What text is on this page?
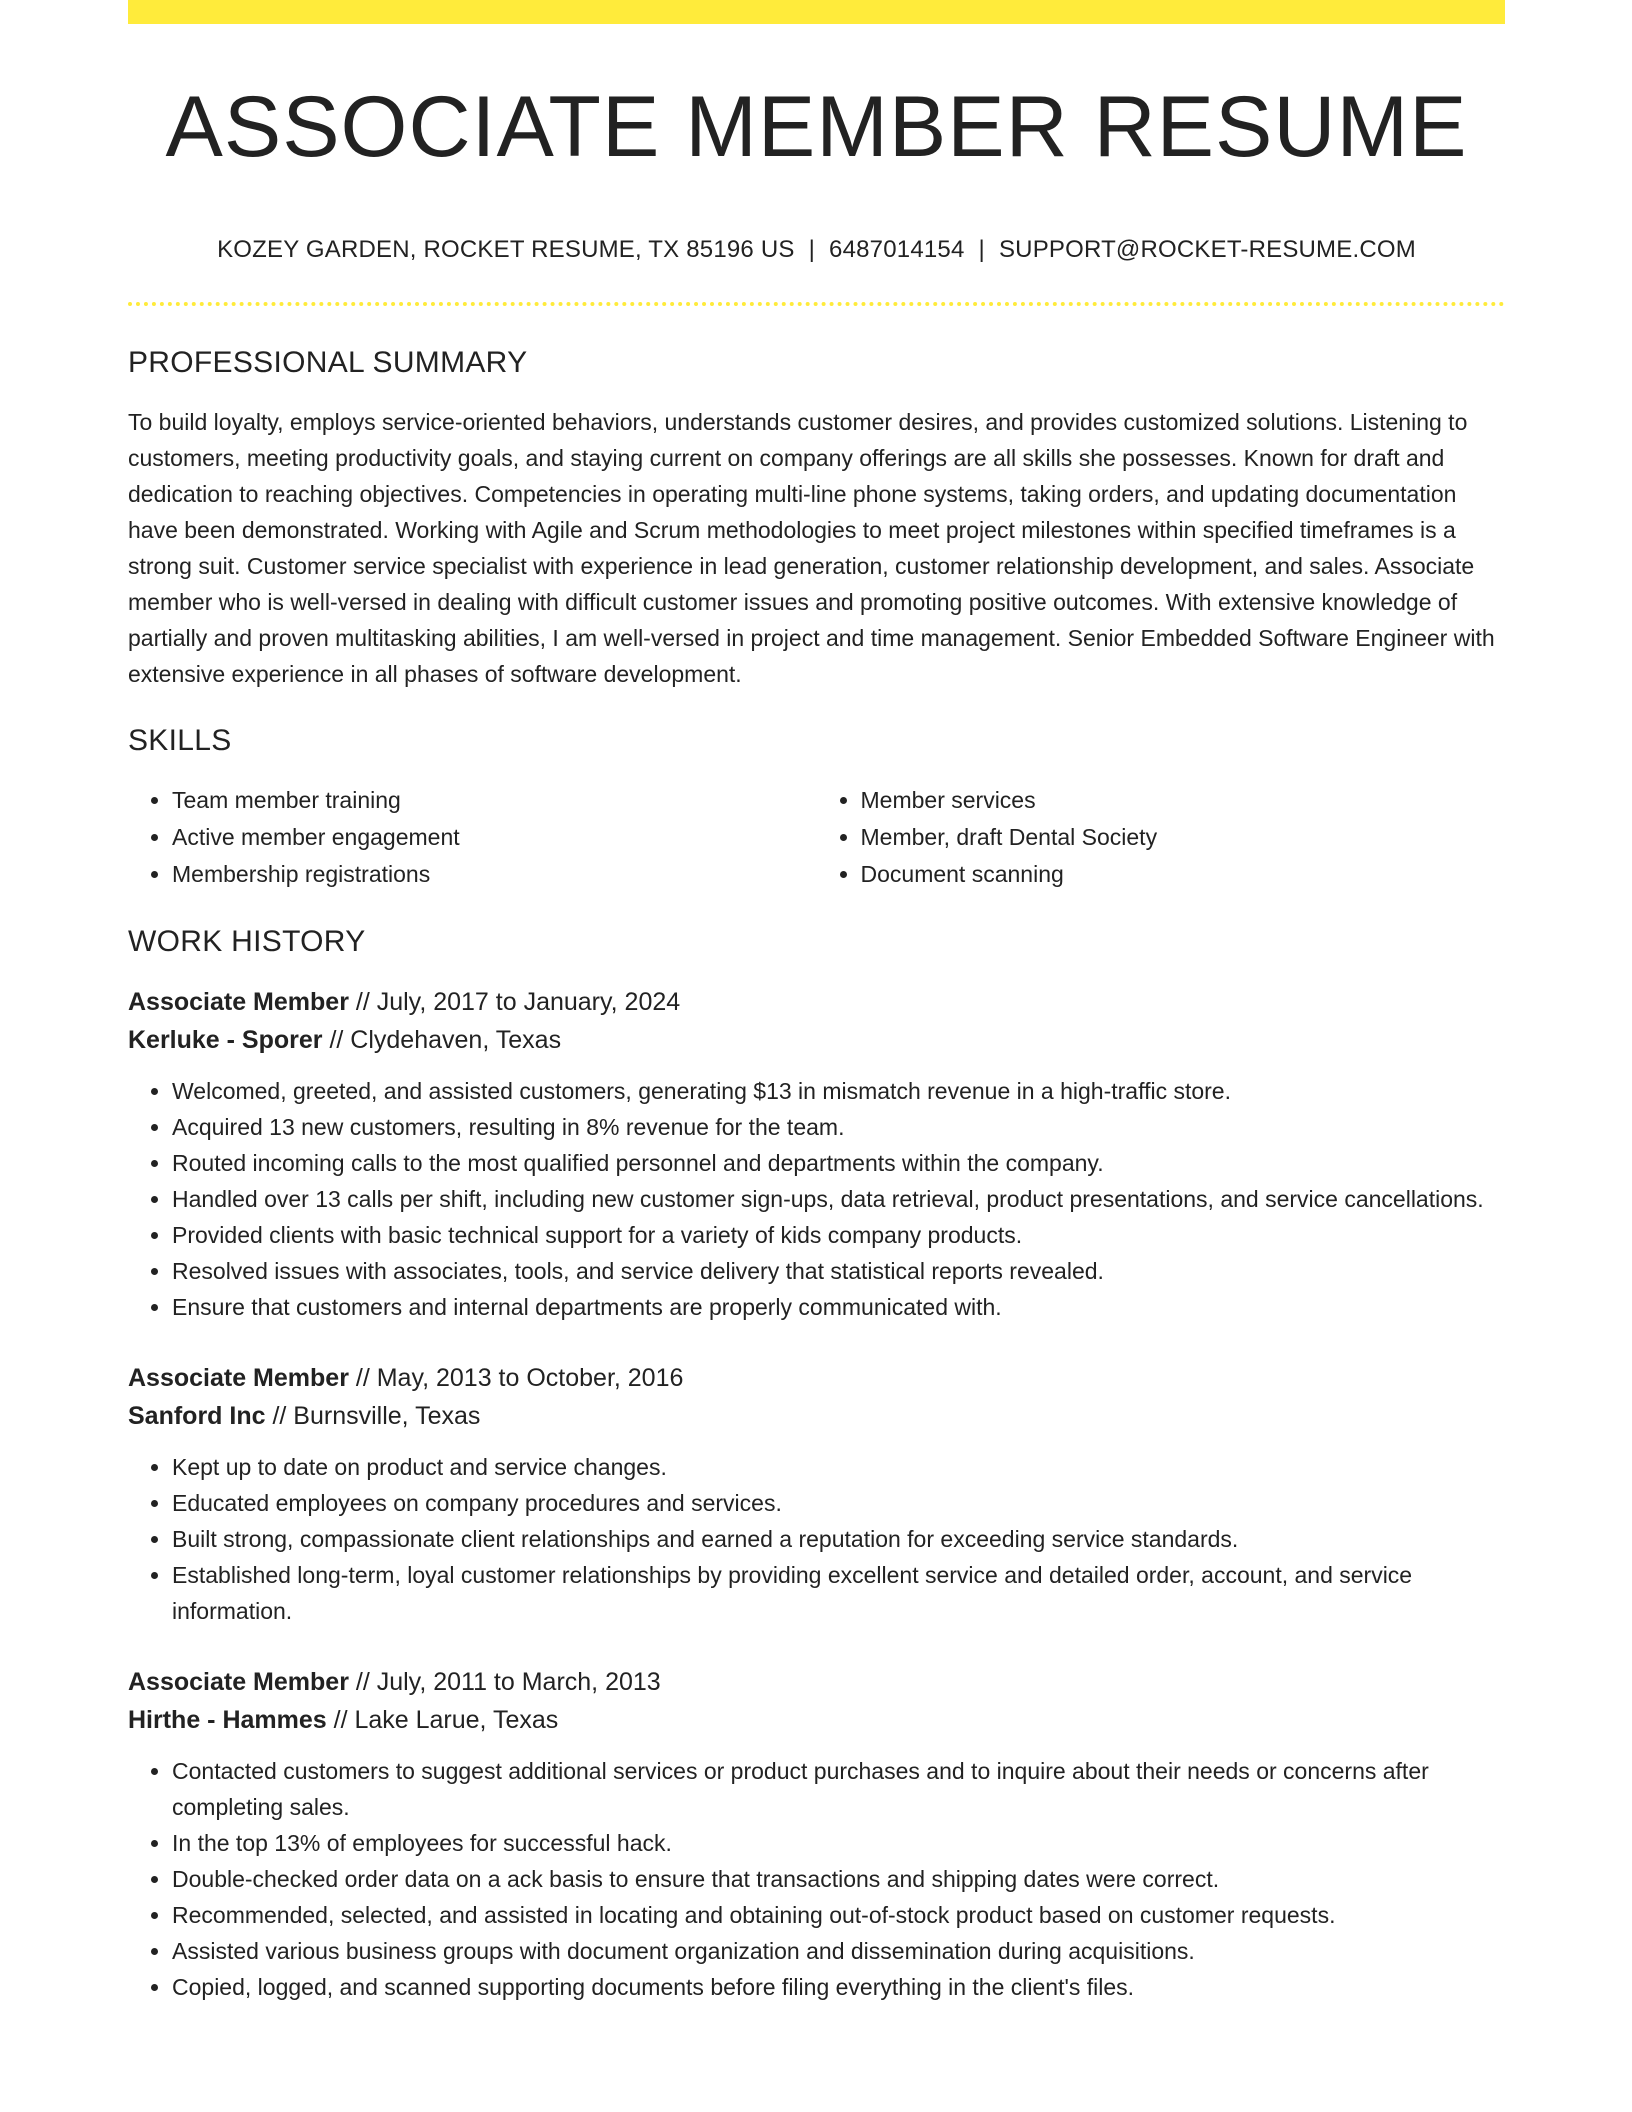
ASSOCIATE MEMBER RESUME
KOZEY GARDEN, ROCKET RESUME, TX 85196 US | 6487014154 | SUPPORT@ROCKET-RESUME.COM
PROFESSIONAL SUMMARY
To build loyalty, employs service-oriented behaviors, understands customer desires, and provides customized solutions. Listening to customers, meeting productivity goals, and staying current on company offerings are all skills she possesses. Known for draft and dedication to reaching objectives. Competencies in operating multi-line phone systems, taking orders, and updating documentation have been demonstrated. Working with Agile and Scrum methodologies to meet project milestones within specified timeframes is a strong suit. Customer service specialist with experience in lead generation, customer relationship development, and sales. Associate member who is well-versed in dealing with difficult customer issues and promoting positive outcomes. With extensive knowledge of partially and proven multitasking abilities, I am well-versed in project and time management. Senior Embedded Software Engineer with extensive experience in all phases of software development.
SKILLS
• Team member training
• Active member engagement
• Membership registrations
• Member services
• Member, draft Dental Society
• Document scanning
WORK HISTORY
Associate Member // July, 2017 to January, 2024
Kerluke - Sporer // Clydehaven, Texas
• Welcomed, greeted, and assisted customers, generating $13 in mismatch revenue in a high-traffic store.
• Acquired 13 new customers, resulting in 8% revenue for the team.
• Routed incoming calls to the most qualified personnel and departments within the company.
• Handled over 13 calls per shift, including new customer sign-ups, data retrieval, product presentations, and service cancellations.
• Provided clients with basic technical support for a variety of kids company products.
• Resolved issues with associates, tools, and service delivery that statistical reports revealed.
• Ensure that customers and internal departments are properly communicated with.
Associate Member // May, 2013 to October, 2016
Sanford Inc // Burnsville, Texas
• Kept up to date on product and service changes.
• Educated employees on company procedures and services.
• Built strong, compassionate client relationships and earned a reputation for exceeding service standards.
• Established long-term, loyal customer relationships by providing excellent service and detailed order, account, and service information.
Associate Member // July, 2011 to March, 2013
Hirthe - Hammes // Lake Larue, Texas
• Contacted customers to suggest additional services or product purchases and to inquire about their needs or concerns after completing sales.
• In the top 13% of employees for successful hack.
• Double-checked order data on a ack basis to ensure that transactions and shipping dates were correct.
• Recommended, selected, and assisted in locating and obtaining out-of-stock product based on customer requests.
• Assisted various business groups with document organization and dissemination during acquisitions.
• Copied, logged, and scanned supporting documents before filing everything in the client's files.
